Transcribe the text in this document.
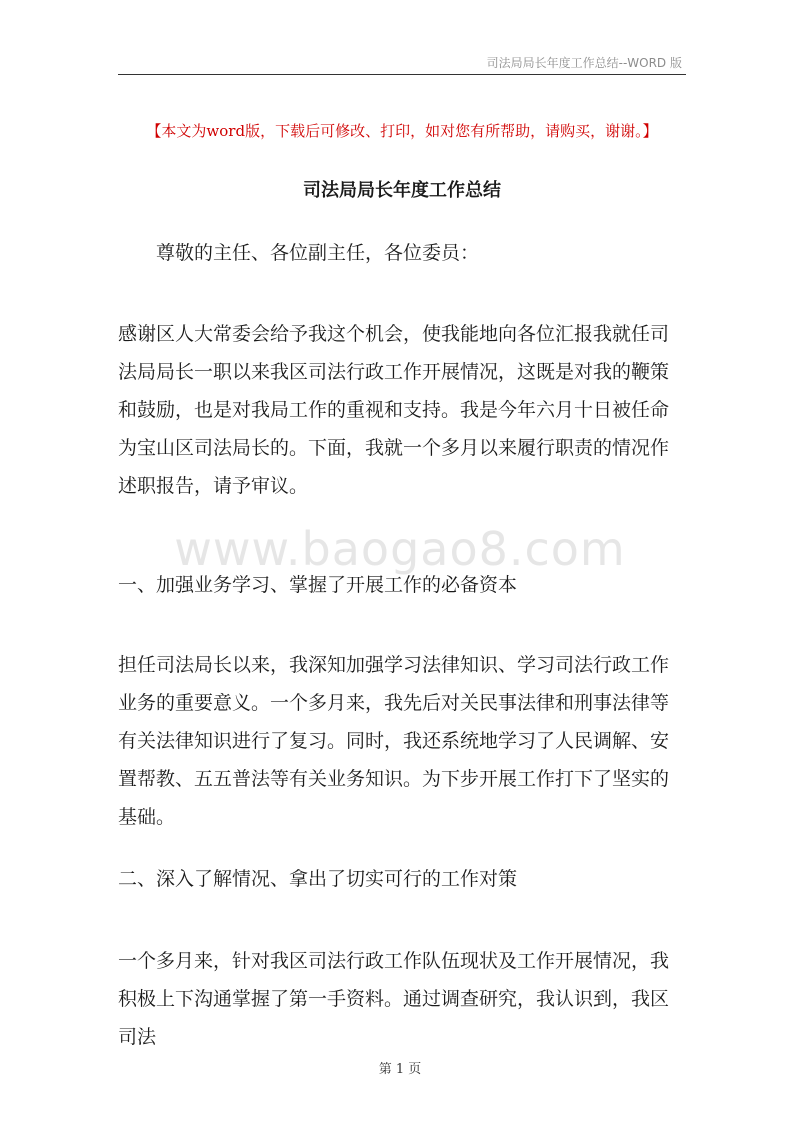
司法局局长年度工作总结--WORD 版
【本文为word版，下载后可修改、打印，如对您有所帮助，请购买，谢谢。】
司法局局长年度工作总结

尊敬的主任、各位副主任，各位委员：

感谢区人大常委会给予我这个机会，使我能地向各位汇报我就任司法局局长一职以来我区司法行政工作开展情况，这既是对我的鞭策和鼓励，也是对我局工作的重视和支持。我是今年六月十日被任命为宝山区司法局长的。下面，我就一个多月以来履行职责的情况作述职报告，请予审议。

www.baogao8.com

一、加强业务学习、掌握了开展工作的必备资本

担任司法局长以来，我深知加强学习法律知识、学习司法行政工作业务的重要意义。一个多月来，我先后对关民事法律和刑事法律等有关法律知识进行了复习。同时，我还系统地学习了人民调解、安置帮教、五五普法等有关业务知识。为下步开展工作打下了坚实的基础。

二、深入了解情况、拿出了切实可行的工作对策

一个多月来，针对我区司法行政工作队伍现状及工作开展情况，我积极上下沟通掌握了第一手资料。通过调查研究，我认识到，我区司法

第 1 页
